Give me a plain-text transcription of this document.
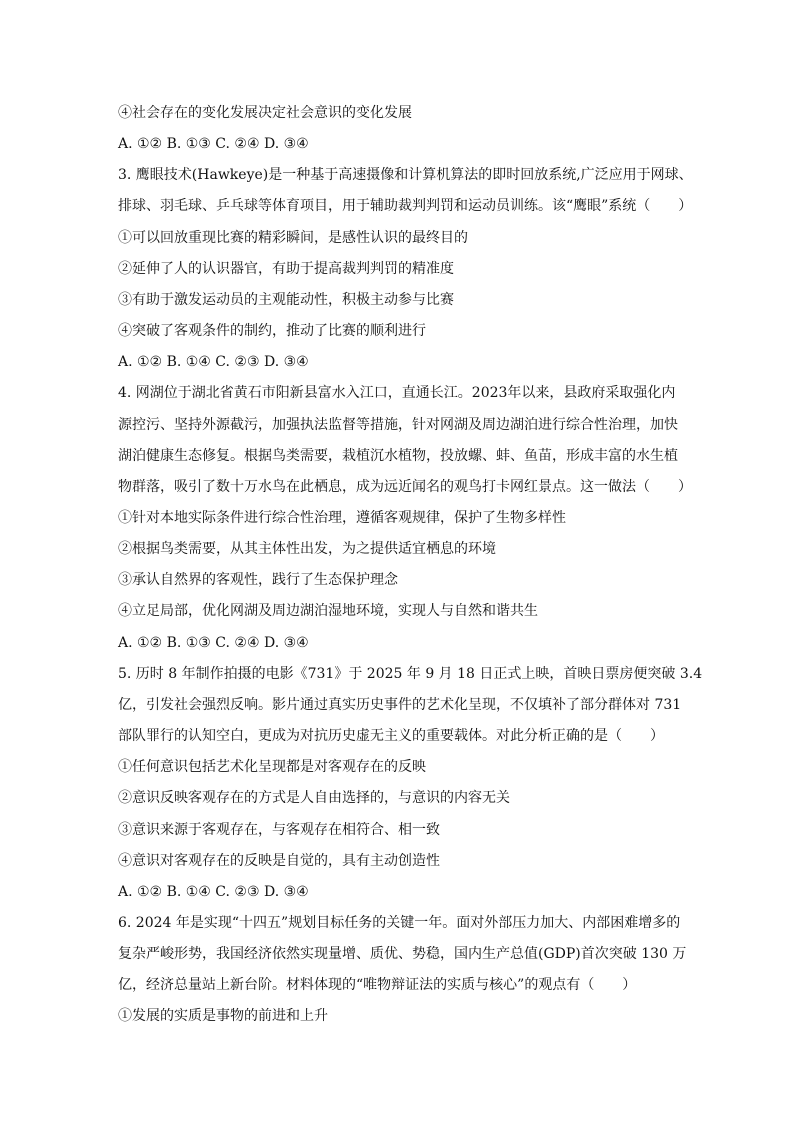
④社会存在的变化发展决定社会意识的变化发展
A. ①② B. ①③ C. ②④ D. ③④
3. 鹰眼技术(Hawkeye)是一种基于高速摄像和计算机算法的即时回放系统,广泛应用于网球、
排球、羽毛球、乒乓球等体育项目，用于辅助裁判判罚和运动员训练。该“鹰眼”系统（　　）
①可以回放重现比赛的精彩瞬间，是感性认识的最终目的
②延伸了人的认识器官，有助于提高裁判判罚的精准度
③有助于激发运动员的主观能动性，积极主动参与比赛
④突破了客观条件的制约，推动了比赛的顺利进行
A. ①② B. ①④ C. ②③ D. ③④
4. 网湖位于湖北省黄石市阳新县富水入江口，直通长江。2023年以来，县政府采取强化内
源控污、坚持外源截污，加强执法监督等措施，针对网湖及周边湖泊进行综合性治理，加快
湖泊健康生态修复。根据鸟类需要，栽植沉水植物，投放螺、蚌、鱼苗，形成丰富的水生植
物群落，吸引了数十万水鸟在此栖息，成为远近闻名的观鸟打卡网红景点。这一做法（　　）
①针对本地实际条件进行综合性治理，遵循客观规律，保护了生物多样性
②根据鸟类需要，从其主体性出发，为之提供适宜栖息的环境
③承认自然界的客观性，践行了生态保护理念
④立足局部，优化网湖及周边湖泊湿地环境，实现人与自然和谐共生
A. ①② B. ①③ C. ②④ D. ③④
5. 历时 8 年制作拍摄的电影《731》于 2025 年 9 月 18 日正式上映，首映日票房便突破 3.4
亿，引发社会强烈反响。影片通过真实历史事件的艺术化呈现，不仅填补了部分群体对 731
部队罪行的认知空白，更成为对抗历史虚无主义的重要载体。对此分析正确的是（　　）
①任何意识包括艺术化呈现都是对客观存在的反映
②意识反映客观存在的方式是人自由选择的，与意识的内容无关
③意识来源于客观存在，与客观存在相符合、相一致
④意识对客观存在的反映是自觉的，具有主动创造性
A. ①② B. ①④ C. ②③ D. ③④
6. 2024 年是实现“十四五”规划目标任务的关键一年。面对外部压力加大、内部困难增多的
复杂严峻形势，我国经济依然实现量增、质优、势稳，国内生产总值(GDP)首次突破 130 万
亿，经济总量站上新台阶。材料体现的“唯物辩证法的实质与核心”的观点有（　　）
①发展的实质是事物的前进和上升
